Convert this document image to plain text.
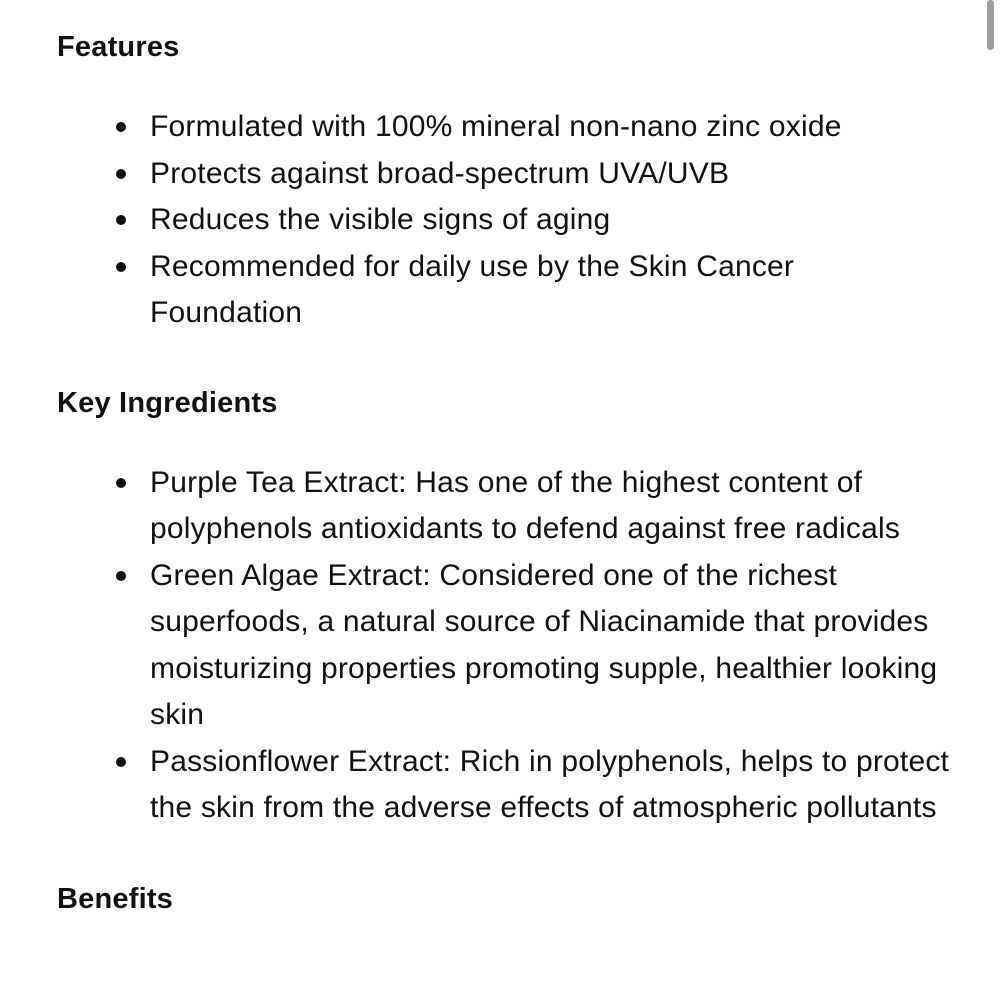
Features
Formulated with 100% mineral non-nano zinc oxide
Protects against broad-spectrum UVA/UVB
Reduces the visible signs of aging
Recommended for daily use by the Skin Cancer Foundation
Key Ingredients
Purple Tea Extract: Has one of the highest content of polyphenols antioxidants to defend against free radicals
Green Algae Extract: Considered one of the richest superfoods, a natural source of Niacinamide that provides moisturizing properties promoting supple, healthier looking skin
Passionflower Extract: Rich in polyphenols, helps to protect the skin from the adverse effects of atmospheric pollutants
Benefits
